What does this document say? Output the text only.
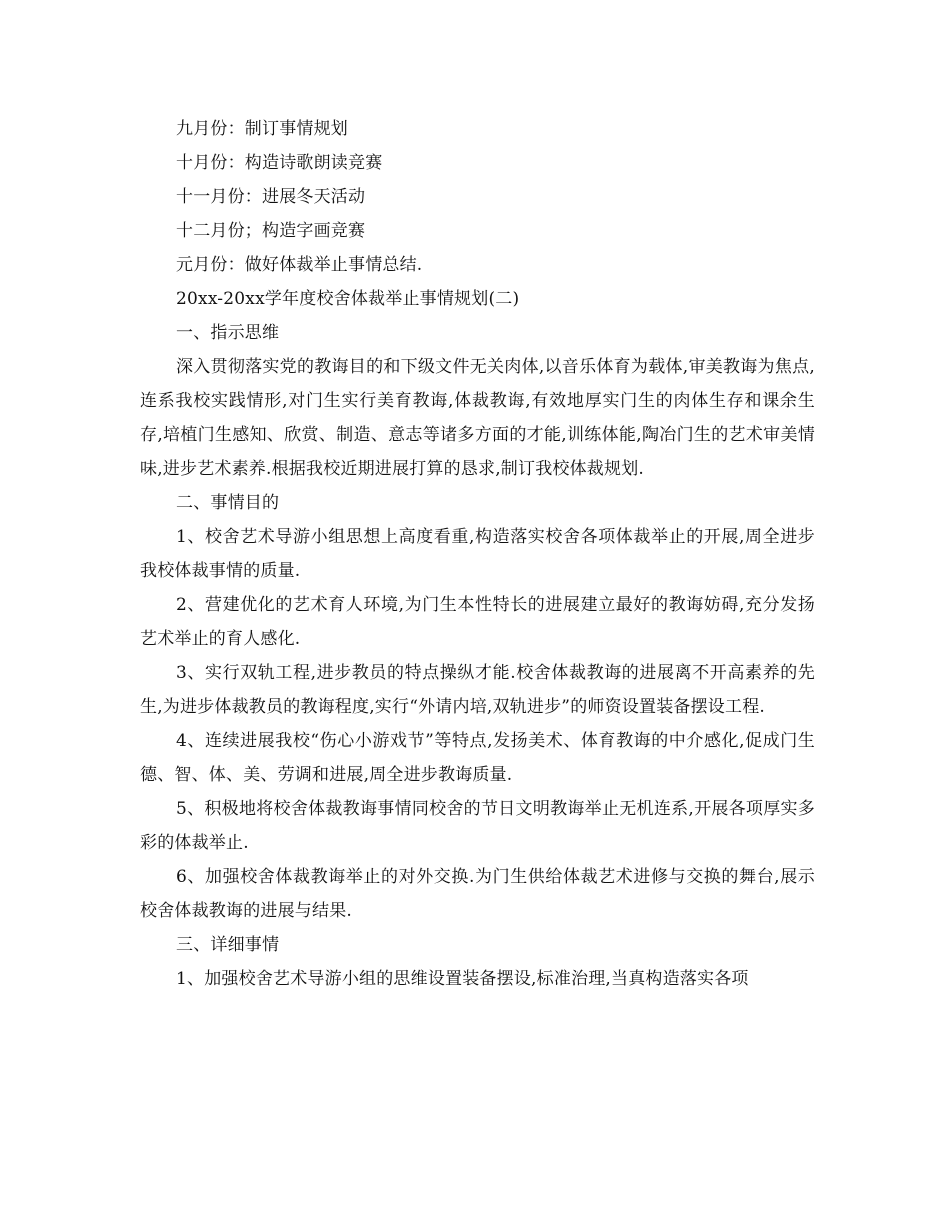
九月份：制订事情规划

十月份：构造诗歌朗读竞赛

十一月份：进展冬天活动

十二月份；构造字画竞赛

元月份：做好体裁举止事情总结.

20xx-20xx学年度校舍体裁举止事情规划(二)

一、指示思维

深入贯彻落实党的教诲目的和下级文件无关肉体,以音乐体育为载体,审美教诲为焦点,连系我校实践情形,对门生实行美育教诲,体裁教诲,有效地厚实门生的肉体生存和课余生存,培植门生感知、欣赏、制造、意志等诸多方面的才能,训练体能,陶冶门生的艺术审美情味,进步艺术素养.根据我校近期进展打算的恳求,制订我校体裁规划.

二、事情目的

1、校舍艺术导游小组思想上高度看重,构造落实校舍各项体裁举止的开展,周全进步我校体裁事情的质量.

2、营建优化的艺术育人环境,为门生本性特长的进展建立最好的教诲妨碍,充分发扬艺术举止的育人感化.

3、实行双轨工程,进步教员的特点操纵才能.校舍体裁教诲的进展离不开高素养的先生,为进步体裁教员的教诲程度,实行“外请内培,双轨进步”的师资设置装备摆设工程.

4、连续进展我校“伤心小游戏节”等特点,发扬美术、体育教诲的中介感化,促成门生德、智、体、美、劳调和进展,周全进步教诲质量.

5、积极地将校舍体裁教诲事情同校舍的节日文明教诲举止无机连系,开展各项厚实多彩的体裁举止.

6、加强校舍体裁教诲举止的对外交换.为门生供给体裁艺术进修与交换的舞台,展示校舍体裁教诲的进展与结果.

三、详细事情

1、加强校舍艺术导游小组的思维设置装备摆设,标准治理,当真构造落实各项
